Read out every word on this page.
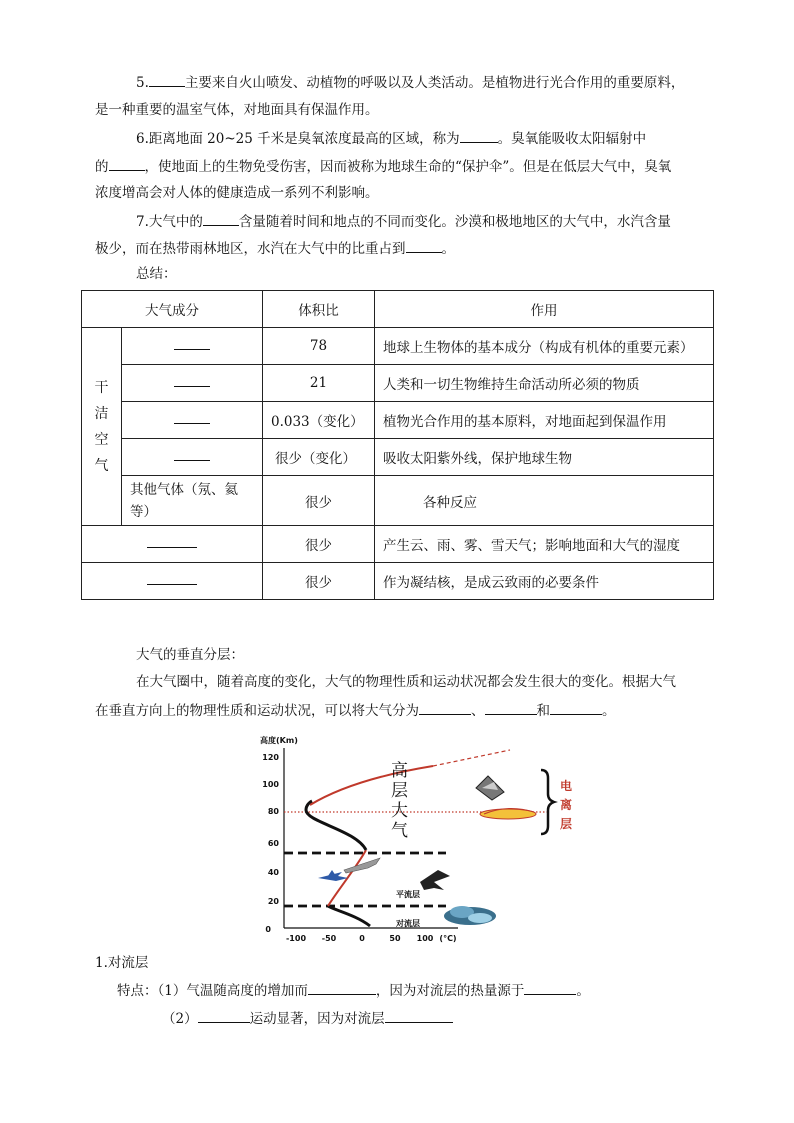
5.	主要来自火山喷发、动植物的呼吸以及人类活动。是植物进行光合作用的重要原料，
是一种重要的温室气体，对地面具有保温作用。
6.距离地面 20~25 千米是臭氧浓度最高的区域，称为	。臭氧能吸收太阳辐射中
的	，使地面上的生物免受伤害，因而被称为地球生命的“保护伞”。但是在低层大气中，臭氧
浓度增高会对人体的健康造成一系列不利影响。
7.大气中的	含量随着时间和地点的不同而变化。沙漠和极地地区的大气中，水汽含量
极少，而在热带雨林地区，水汽在大气中的比重占到	。
总结：
大气成分		体积比	作用

干
洁
空
气		78	地球上生物体的基本成分（构成有机体的重要元素）
		21	人类和一切生物维持生命活动所必须的物质
		0.033（变化）	植物光合作用的基本原料，对地面起到保温作用
		很少（变化）	吸收太阳紫外线，保护地球生物
	其他气体（氖、氦等）	很少	各种反应
		很少	产生云、雨、雾、雪天气；影响地面和大气的湿度
		很少	作为凝结核，是成云致雨的必要条件
大气的垂直分层：
在大气圈中，随着高度的变化，大气的物理性质和运动状况都会发生很大的变化。根据大气
在垂直方向上的物理性质和运动状况，可以将大气分为	、	和	。
高度(Km)
120
100
80
60
40
20
0
-100 -50	0	50 100 (°C)
高
层
大
气
电
离
层
平流层
对流层
1.对流层
特点：（1）气温随高度的增加而	，因为对流层的热量源于	。
（2）	运动显著，因为对流层
